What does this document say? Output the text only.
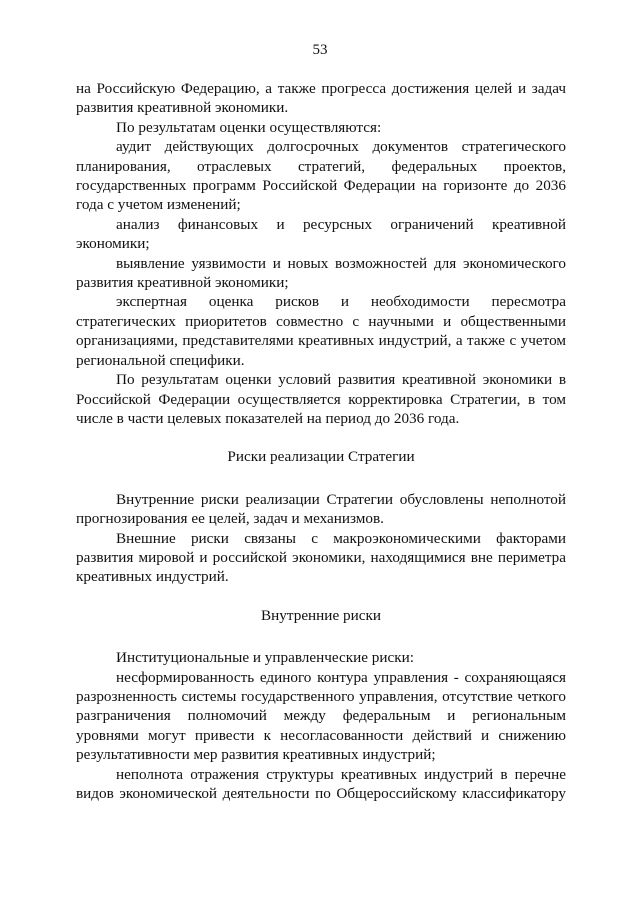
53

на Российскую Федерацию, а также прогресса достижения целей и задач развития креативной экономики.

По результатам оценки осуществляются:

аудит действующих долгосрочных документов стратегического планирования, отраслевых стратегий, федеральных проектов, государственных программ Российской Федерации на горизонте до 2036 года с учетом изменений;

анализ финансовых и ресурсных ограничений креативной экономики;

выявление уязвимости и новых возможностей для экономического развития креативной экономики;

экспертная оценка рисков и необходимости пересмотра стратегических приоритетов совместно с научными и общественными организациями, представителями креативных индустрий, а также с учетом региональной специфики.

По результатам оценки условий развития креативной экономики в Российской Федерации осуществляется корректировка Стратегии, в том числе в части целевых показателей на период до 2036 года.

Риски реализации Стратегии

Внутренние риски реализации Стратегии обусловлены неполнотой прогнозирования ее целей, задач и механизмов.

Внешние риски связаны с макроэкономическими факторами развития мировой и российской экономики, находящимися вне периметра креативных индустрий.

Внутренние риски

Институциональные и управленческие риски:

несформированность единого контура управления - сохраняющаяся разрозненность системы государственного управления, отсутствие четкого разграничения полномочий между федеральным и региональным уровнями могут привести к несогласованности действий и снижению результативности мер развития креативных индустрий;

неполнота отражения структуры креативных индустрий в перечне видов экономической деятельности по Общероссийскому классификатору
